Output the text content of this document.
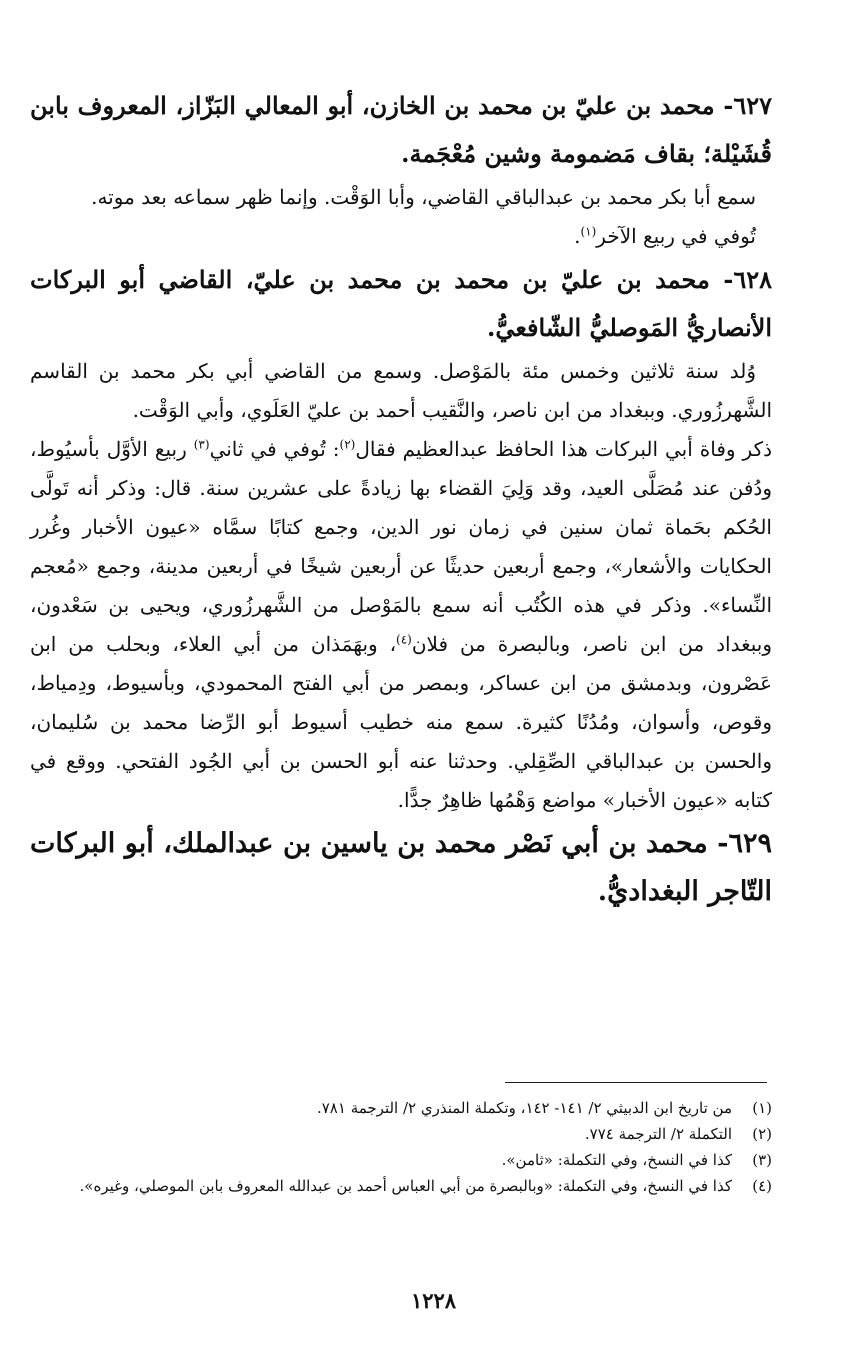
٦٢٧- محمد بن عليّ بن محمد بن الخازن، أبو المعالي البَزّاز، المعروف بابن قُشَيْلة؛ بقاف مَضمومة وشين مُعْجَمة.

سمع أبا بكر محمد بن عبدالباقي القاضي، وأبا الوَقْت. وإنما ظهر سماعه بعد موته.

تُوفي في ربيع الآخر$^{(١)}$.

٦٢٨- محمد بن عليّ بن محمد بن محمد بن عليّ، القاضي أبو البركات الأنصاريُّ المَوصليُّ الشّافعيُّ.

وُلد سنة ثلاثين وخمس مئة بالمَوْصل. وسمع من القاضي أبي بكر محمد بن القاسم الشَّهرزُوري. وببغداد من ابن ناصر، والنَّقيب أحمد بن عليّ العَلَوي، وأبي الوَقْت.

ذكر وفاة أبي البركات هذا الحافظ عبدالعظيم فقال$^{(٢)}$: تُوفي في ثاني$^{(٣)}$ ربيع الأوَّل بأسيُوط، ودُفن عند مُصَلَّى العيد، وقد وَلِيَ القضاء بها زيادةً على عشرين سنة. قال: وذكر أنه تَولَّى الحُكم بحَماة ثمان سنين في زمان نور الدين، وجمع كتابًا سمَّاه «عيون الأخبار وغُرر الحكايات والأشعار»، وجمع أربعين حديثًا عن أربعين شيخًا في أربعين مدينة، وجمع «مُعجم النِّساء». وذكر في هذه الكُتُب أنه سمع بالمَوْصل من الشَّهرزُوري، ويحيى بن سَعْدون، وببغداد من ابن ناصر، وبالبصرة من فلان$^{(٤)}$، وبهَمَذان من أبي العلاء، وبحلب من ابن عَصْرون، وبدمشق من ابن عساكر، وبمصر من أبي الفتح المحمودي، وبأسيوط، ودِمياط، وقوص، وأسوان، ومُدُنًا كثيرة. سمع منه خطيب أسيوط أبو الرِّضا محمد بن سُليمان، والحسن بن عبدالباقي الصِّقِلي. وحدثنا عنه أبو الحسن بن أبي الجُود الفتحي. ووقع في كتابه «عيون الأخبار» مواضع وَهْمُها ظاهِرٌ جدًّا.

٦٢٩- محمد بن أبي نَصْر محمد بن ياسين بن عبدالملك، أبو البركات التّاجر البغداديُّ.

(١)
من تاريخ ابن الدبيثي ٢/ ١٤١- ١٤٢، وتكملة المنذري ٢/ الترجمة ٧٨١.
(٢)
التكملة ٢/ الترجمة ٧٧٤.
(٣)
كذا في النسخ، وفي التكملة: «ثامن».
(٤)
كذا في النسخ، وفي التكملة: «وبالبصرة من أبي العباس أحمد بن عبدالله المعروف بابن الموصلي، وغيره».
١٢٢٨
